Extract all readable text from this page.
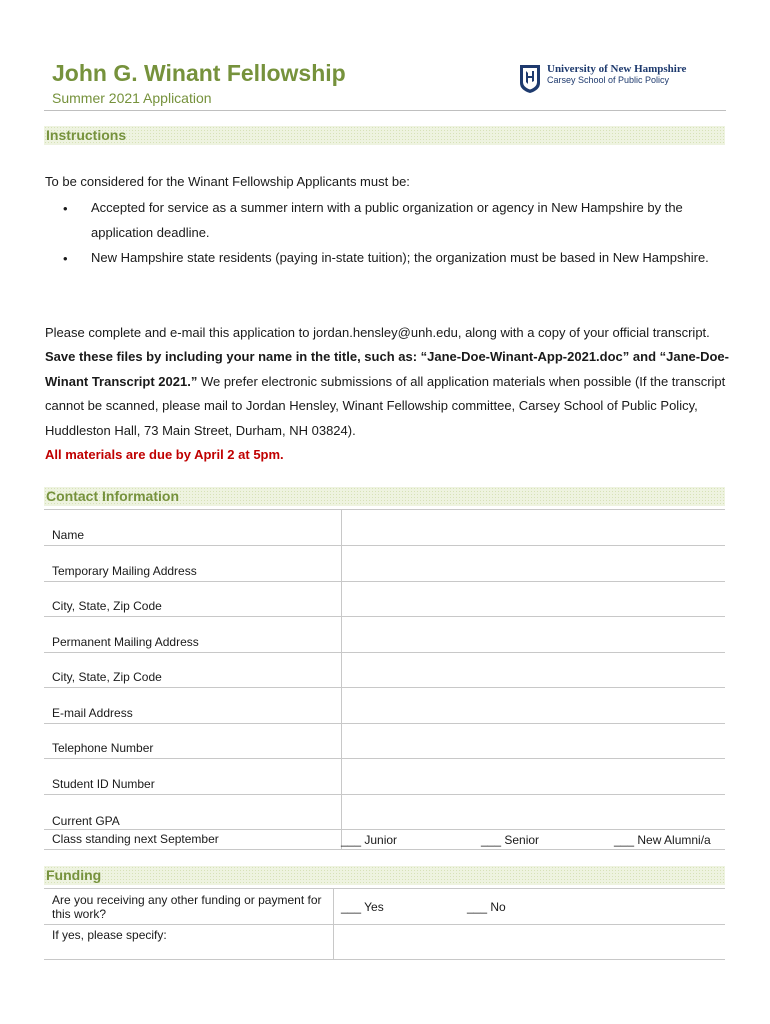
John G. Winant Fellowship
Summer 2021 Application
University of New Hampshire
Carsey School of Public Policy
Instructions
To be considered for the Winant Fellowship Applicants must be:
• Accepted for service as a summer intern with a public organization or agency in New Hampshire by the application deadline.
• New Hampshire state residents (paying in-state tuition); the organization must be based in New Hampshire.
Please complete and e-mail this application to jordan.hensley@unh.edu, along with a copy of your official transcript. Save these files by including your name in the title, such as: “Jane-Doe-Winant-App-2021.doc” and “Jane-Doe-Winant Transcript 2021.” We prefer electronic submissions of all application materials when possible (If the transcript cannot be scanned, please mail to Jordan Hensley, Winant Fellowship committee, Carsey School of Public Policy, Huddleston Hall, 73 Main Street, Durham, NH 03824).
All materials are due by April 2 at 5pm.
Contact Information
Name	
Temporary Mailing Address	
City, State, Zip Code	
Permanent Mailing Address	
City, State, Zip Code	
E-mail Address	
Telephone Number	
Student ID Number	
Current GPA	
Class standing next September		___ Junior	___ Senior	___ New Alumni/a
Funding
Are you receiving any other funding or payment for this work?	___ Yes	___ No
If yes, please specify:
